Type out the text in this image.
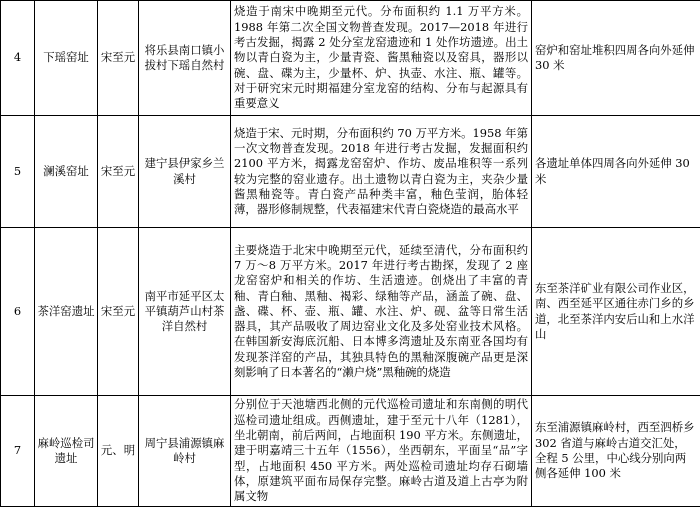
4	下瑶窑址	宋至元	将乐县南口镇小拔村下瑶自然村	烧造于南宋中晚期至元代。分布面积约 1.1 万平方米。1988 年第二次全国文物普查发现。2017—2018 年进行考古发掘，揭露 2 处分室龙窑遗迹和 1 处作坊遗迹。出土物以青白瓷为主，少量青瓷、酱黑釉瓷以及窑具，器形以碗、盘、碟为主，少量杯、炉、执壶、水注、瓶、罐等。对于研究宋元时期福建分室龙窑的结构、分布与起源具有重要意义	窑炉和窑址堆积四周各向外延伸 30 米
5	澜溪窑址	宋至元	建宁县伊家乡兰溪村	烧造于宋、元时期，分布面积约 70 万平方米。1958 年第一次文物普查发现。2018 年进行考古发掘，发掘面积约 2100 平方米，揭露龙窑窑炉、作坊、废品堆积等一系列较为完整的窑业遗存。出土遗物以青白瓷为主，夹杂少量酱黑釉瓷等。青白瓷产品种类丰富，釉色莹润，胎体轻薄，器形修制规整，代表福建宋代青白瓷烧造的最高水平	各遗址单体四周各向外延伸 30 米
6	茶洋窑遗址	宋至元	南平市延平区太平镇葫芦山村茶洋自然村	主要烧造于北宋中晚期至元代，延续至清代，分布面积约 7 万～8 万平方米。2017 年进行考古勘探，发现了 2 座龙窑窑炉和相关的作坊、生活遗迹。创烧出了丰富的青釉、青白釉、黑釉、褐彩、绿釉等产品，涵盖了碗、盘、盏、碟、杯、壶、瓶、罐、水注、炉、砚、盆等日常生活器具，其产品吸收了周边窑业文化及多处窑业技术风格。在韩国新安海底沉船、日本博多湾遗址及东南亚各国均有发现茶洋窑的产品，其独具特色的黑釉深腹碗产品更是深刻影响了日本著名的“濑户烧”黑釉碗的烧造	东至茶洋矿业有限公司作业区，南、西至延平区通往赤门乡的乡道，北至茶洋内安后山和上水洋山
7	麻岭巡检司遗址	元、明	周宁县浦源镇麻岭村	分别位于天池塘西北侧的元代巡检司遗址和东南侧的明代巡检司遗址组成。西侧遗址，建于至元十八年（1281），坐北朝南，前后两间，占地面积 190 平方米。东侧遗址，建于明嘉靖三十五年（1556），坐西朝东，平面呈“品”字型，占地面积 450 平方米。两处巡检司遗址均存石砌墙体，原建筑平面布局保存完整。麻岭古道及道上古亭为附属文物	东至浦源镇麻岭村，西至泗桥乡 302 省道与麻岭古道交汇处，全程 5 公里，中心线分别向两侧各延伸 100 米
